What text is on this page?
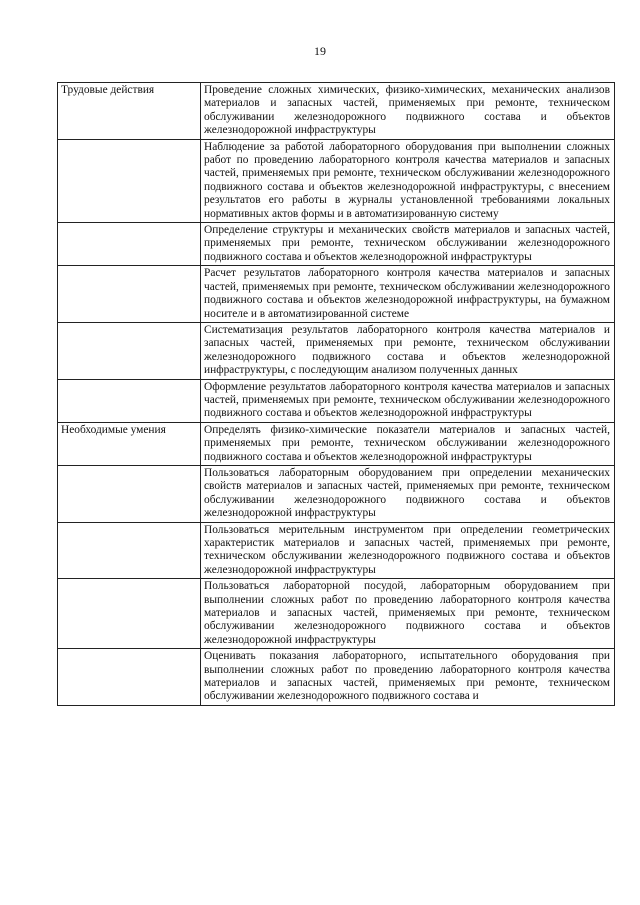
19
Трудовые действия	Проведение сложных химических, физико-химических, механических анализов материалов и запасных частей, применяемых при ремонте, техническом обслуживании железнодорожного подвижного состава и объектов железнодорожной инфраструктуры
	Наблюдение за работой лабораторного оборудования при выполнении сложных работ по проведению лабораторного контроля качества материалов и запасных частей, применяемых при ремонте, техническом обслуживании железнодорожного подвижного состава и объектов железнодорожной инфраструктуры, с внесением результатов его работы в журналы установленной требованиями локальных нормативных актов формы и в автоматизированную систему
	Определение структуры и механических свойств материалов и запасных частей, применяемых при ремонте, техническом обслуживании железнодорожного подвижного состава и объектов железнодорожной инфраструктуры
	Расчет результатов лабораторного контроля качества материалов и запасных частей, применяемых при ремонте, техническом обслуживании железнодорожного подвижного состава и объектов железнодорожной инфраструктуры, на бумажном носителе и в автоматизированной системе
	Систематизация результатов лабораторного контроля качества материалов и запасных частей, применяемых при ремонте, техническом обслуживании железнодорожного подвижного состава и объектов железнодорожной инфраструктуры, с последующим анализом полученных данных
	Оформление результатов лабораторного контроля качества материалов и запасных частей, применяемых при ремонте, техническом обслуживании железнодорожного подвижного состава и объектов железнодорожной инфраструктуры
Необходимые умения	Определять физико-химические показатели материалов и запасных частей, применяемых при ремонте, техническом обслуживании железнодорожного подвижного состава и объектов железнодорожной инфраструктуры
	Пользоваться лабораторным оборудованием при определении механических свойств материалов и запасных частей, применяемых при ремонте, техническом обслуживании железнодорожного подвижного состава и объектов железнодорожной инфраструктуры
	Пользоваться мерительным инструментом при определении геометрических характеристик материалов и запасных частей, применяемых при ремонте, техническом обслуживании железнодорожного подвижного состава и объектов железнодорожной инфраструктуры
	Пользоваться лабораторной посудой, лабораторным оборудованием при выполнении сложных работ по проведению лабораторного контроля качества материалов и запасных частей, применяемых при ремонте, техническом обслуживании железнодорожного подвижного состава и объектов железнодорожной инфраструктуры
	Оценивать показания лабораторного, испытательного оборудования при выполнении сложных работ по проведению лабораторного контроля качества материалов и запасных частей, применяемых при ремонте, техническом обслуживании железнодорожного подвижного состава и
